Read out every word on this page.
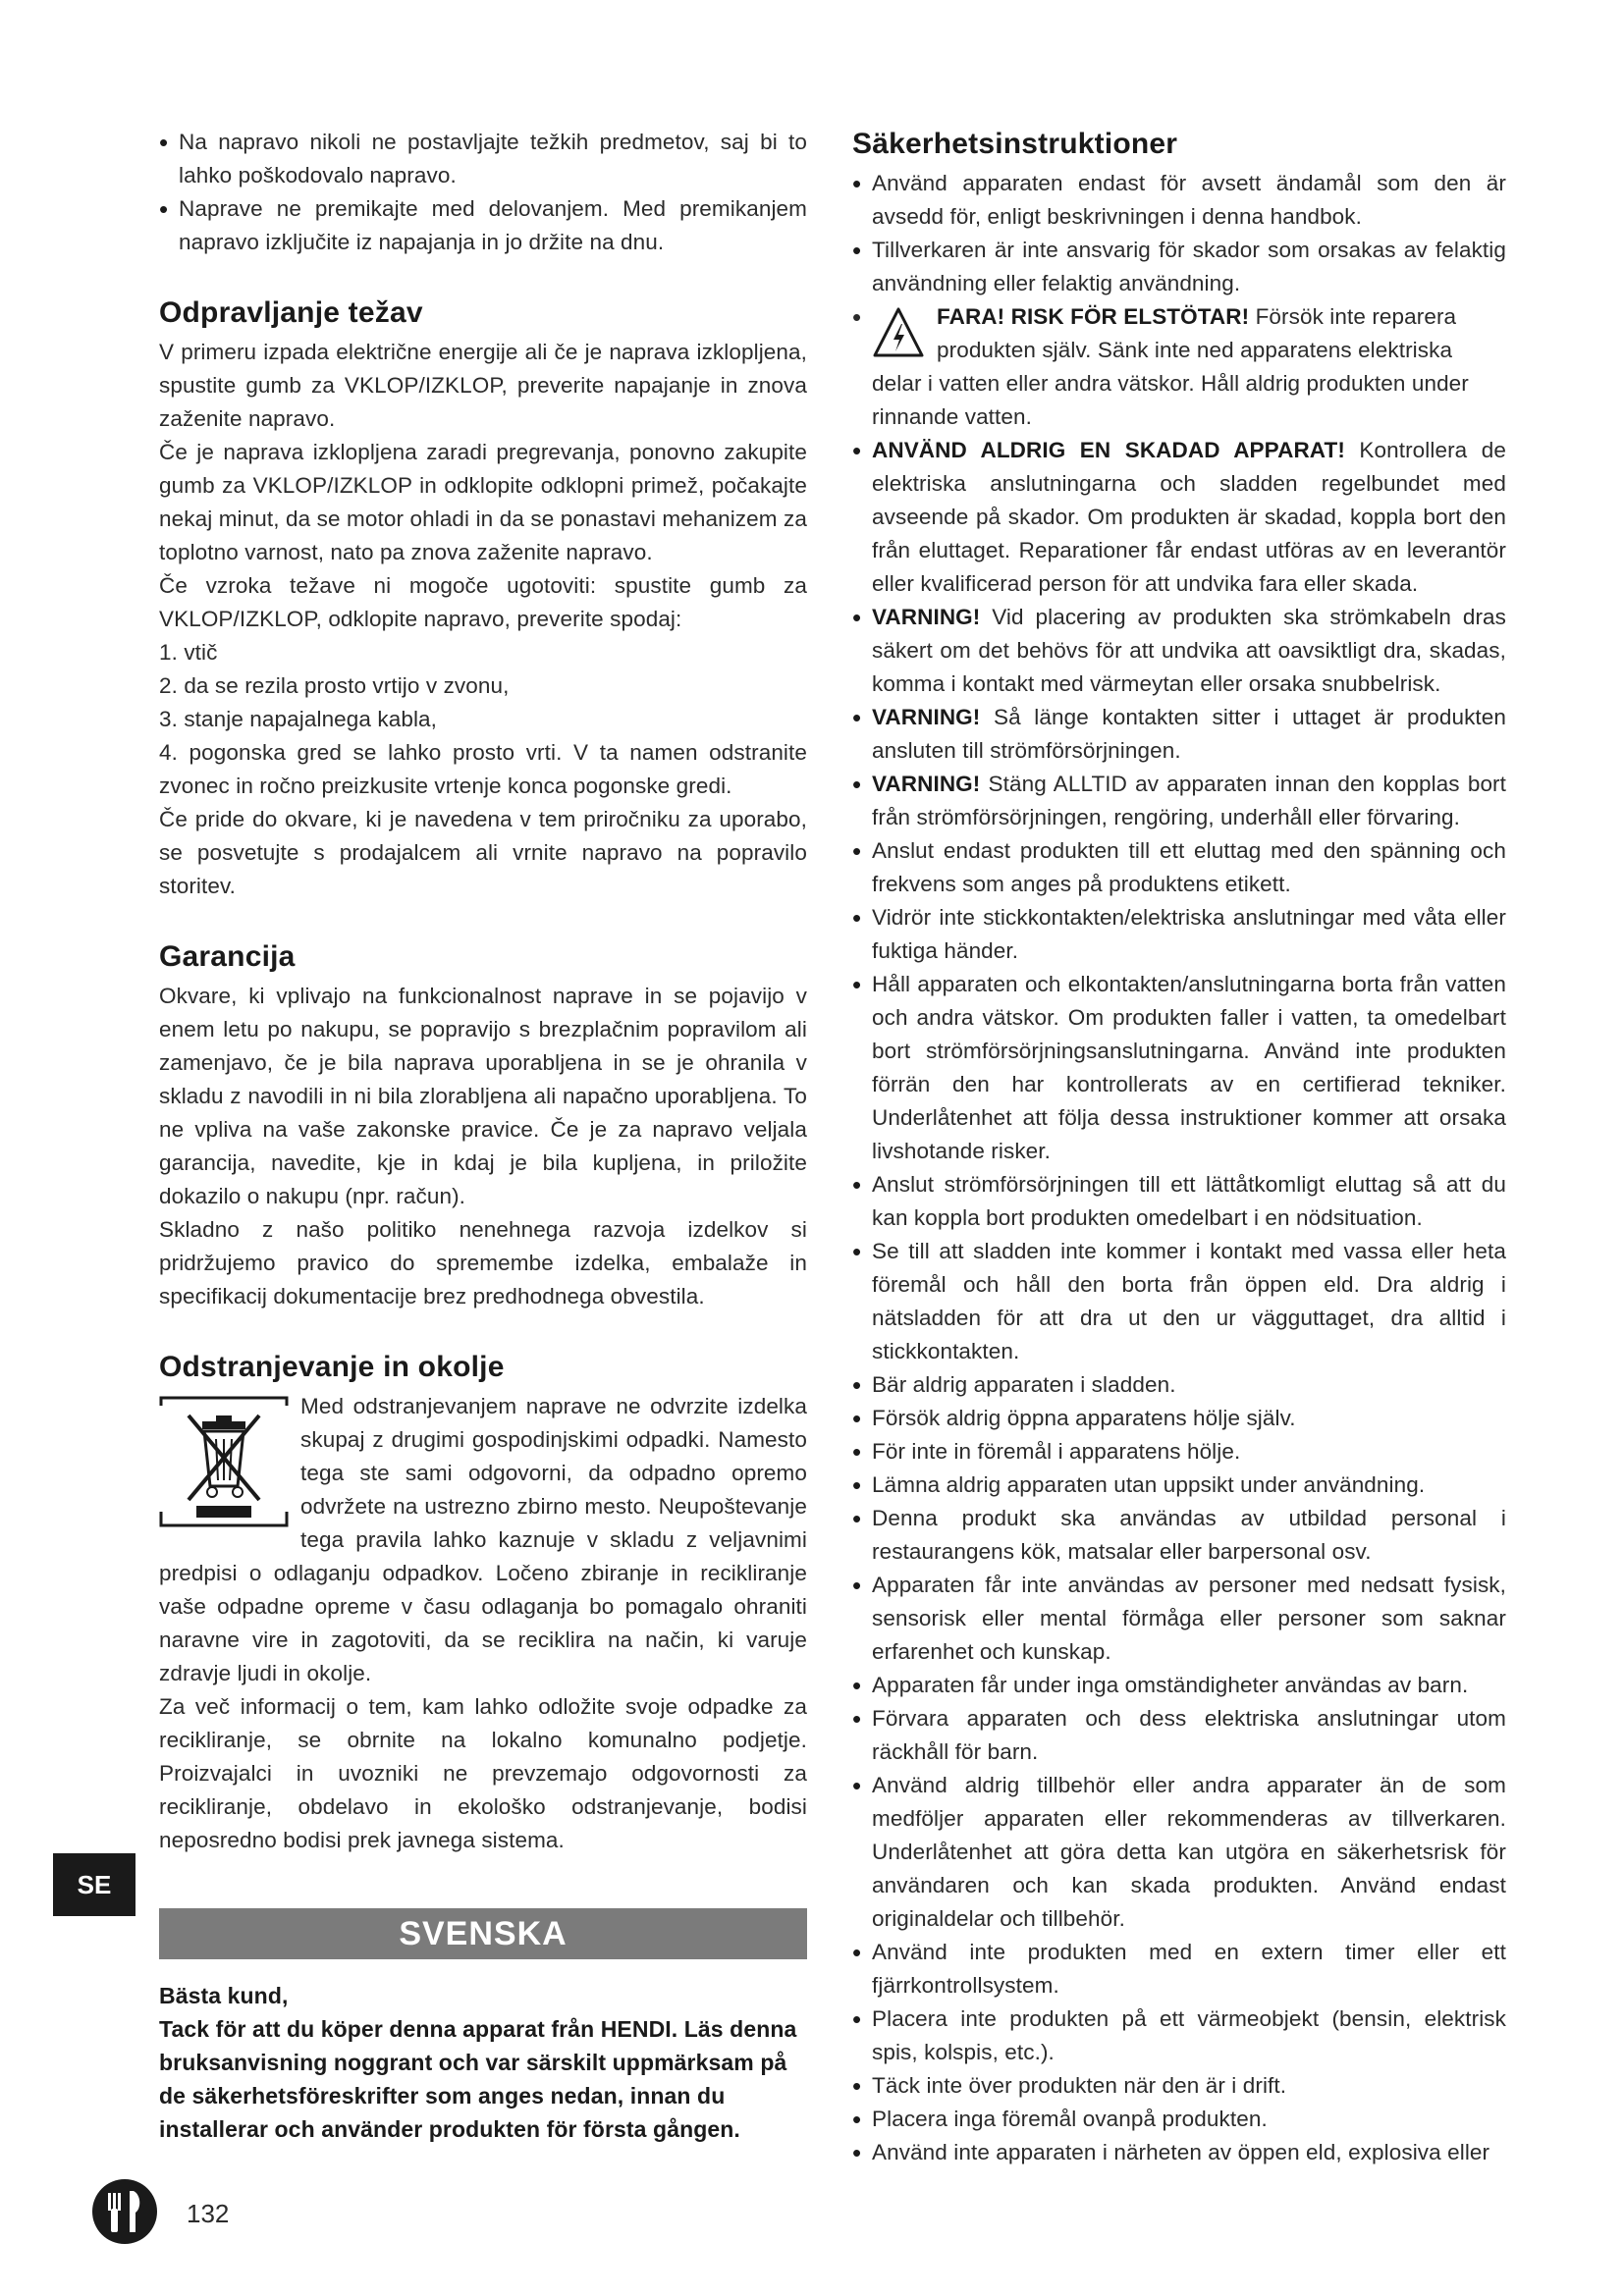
• Na napravo nikoli ne postavljajte težkih predmetov, saj bi to lahko poškodovalo napravo.

• Naprave ne premikajte med delovanjem. Med premikanjem napravo izključite iz napajanja in jo držite na dnu.

Odpravljanje težav

V primeru izpada električne energije ali če je naprava izklopljena, spustite gumb za VKLOP/IZKLOP, preverite napajanje in znova zaženite napravo.

Če je naprava izklopljena zaradi pregrevanja, ponovno zakupite gumb za VKLOP/IZKLOP in odklopite odklopni primež, počakajte nekaj minut, da se motor ohladi in da se ponastavi mehanizem za toplotno varnost, nato pa znova zaženite napravo.

Če vzroka težave ni mogoče ugotoviti: spustite gumb za VKLOP/IZKLOP, odklopite napravo, preverite spodaj:

1. vtič

2. da se rezila prosto vrtijo v zvonu,

3. stanje napajalnega kabla,

4. pogonska gred se lahko prosto vrti. V ta namen odstranite zvonec in ročno preizkusite vrtenje konca pogonske gredi.

Če pride do okvare, ki je navedena v tem priročniku za uporabo, se posvetujte s prodajalcem ali vrnite napravo na popravilo storitev.

Garancija

Okvare, ki vplivajo na funkcionalnost naprave in se pojavijo v enem letu po nakupu, se popravijo s brezplačnim popravilom ali zamenjavo, če je bila naprava uporabljena in se je ohranila v skladu z navodili in ni bila zlorabljena ali napačno uporabljena. To ne vpliva na vaše zakonske pravice. Če je za napravo veljala garancija, navedite, kje in kdaj je bila kupljena, in priložite dokazilo o nakupu (npr. račun).

Skladno z našo politiko nenehnega razvoja izdelkov si pridržujemo pravico do spremembe izdelka, embalaže in specifikacij dokumentacije brez predhodnega obvestila.

Odstranjevanje in okolje

Med odstranjevanjem naprave ne odvrzite izdelka skupaj z drugimi gospodinjskimi odpadki. Namesto tega ste sami odgovorni, da odpadno opremo odvržete na ustrezno zbirno mesto. Neupoštevanje tega pravila lahko kaznuje v skladu z veljavnimi predpisi o odlaganju odpadkov. Ločeno zbiranje in recikliranje vaše odpadne opreme v času odlaganja bo pomagalo ohraniti naravne vire in zagotoviti, da se reciklira na način, ki varuje zdravje ljudi in okolje.

Za več informacij o tem, kam lahko odložite svoje odpadke za recikliranje, se obrnite na lokalno komunalno podjetje. Proizvajalci in uvozniki ne prevzemajo odgovornosti za recikliranje, obdelavo in ekološko odstranjevanje, bodisi neposredno bodisi prek javnega sistema.

SVENSKA

Bästa kund,

Tack för att du köper denna apparat från HENDI. Läs denna bruksanvisning noggrant och var särskilt uppmärksam på de säkerhetsföreskrifter som anges nedan, innan du installerar och använder produkten för första gången.

Säkerhetsinstruktioner

• Använd apparaten endast för avsett ändamål som den är avsedd för, enligt beskrivningen i denna handbok.

• Tillverkaren är inte ansvarig för skador som orsakas av felaktig användning eller felaktig användning.

• FARA! RISK FÖR ELSTÖTAR! Försök inte reparera produkten själv. Sänk inte ned apparatens elektriska delar i vatten eller andra vätskor. Håll aldrig produkten under rinnande vatten.

• ANVÄND ALDRIG EN SKADAD APPARAT! Kontrollera de elektriska anslutningarna och sladden regelbundet med avseende på skador. Om produkten är skadad, koppla bort den från eluttaget. Reparationer får endast utföras av en leverantör eller kvalificerad person för att undvika fara eller skada.

• VARNING! Vid placering av produkten ska strömkabeln dras säkert om det behövs för att undvika att oavsiktligt dra, skadas, komma i kontakt med värmeytan eller orsaka snubbelrisk.

• VARNING! Så länge kontakten sitter i uttaget är produkten ansluten till strömförsörjningen.

• VARNING! Stäng ALLTID av apparaten innan den kopplas bort från strömförsörjningen, rengöring, underhåll eller förvaring.

• Anslut endast produkten till ett eluttag med den spänning och frekvens som anges på produktens etikett.

• Vidrör inte stickkontakten/elektriska anslutningar med våta eller fuktiga händer.

• Håll apparaten och elkontakten/anslutningarna borta från vatten och andra vätskor. Om produkten faller i vatten, ta omedelbart bort strömförsörjningsanslutningarna. Använd inte produkten förrän den har kontrollerats av en certifierad tekniker. Underlåtenhet att följa dessa instruktioner kommer att orsaka livshotande risker.

• Anslut strömförsörjningen till ett lättåtkomligt eluttag så att du kan koppla bort produkten omedelbart i en nödsituation.

• Se till att sladden inte kommer i kontakt med vassa eller heta föremål och håll den borta från öppen eld. Dra aldrig i nätsladden för att dra ut den ur vägguttaget, dra alltid i stickkontakten.

• Bär aldrig apparaten i sladden.

• Försök aldrig öppna apparatens hölje själv.

• För inte in föremål i apparatens hölje.

• Lämna aldrig apparaten utan uppsikt under användning.

• Denna produkt ska användas av utbildad personal i restaurangens kök, matsalar eller barpersonal osv.

• Apparaten får inte användas av personer med nedsatt fysisk, sensorisk eller mental förmåga eller personer som saknar erfarenhet och kunskap.

• Apparaten får under inga omständigheter användas av barn.

• Förvara apparaten och dess elektriska anslutningar utom räckhåll för barn.

• Använd aldrig tillbehör eller andra apparater än de som medföljer apparaten eller rekommenderas av tillverkaren. Underlåtenhet att göra detta kan utgöra en säkerhetsrisk för användaren och kan skada produkten. Använd endast originaldelar och tillbehör.

• Använd inte produkten med en extern timer eller ett fjärrkontrollsystem.

• Placera inte produkten på ett värmeobjekt (bensin, elektrisk spis, kolspis, etc.).

• Täck inte över produkten när den är i drift.

• Placera inga föremål ovanpå produkten.

• Använd inte apparaten i närheten av öppen eld, explosiva eller

SE
132
